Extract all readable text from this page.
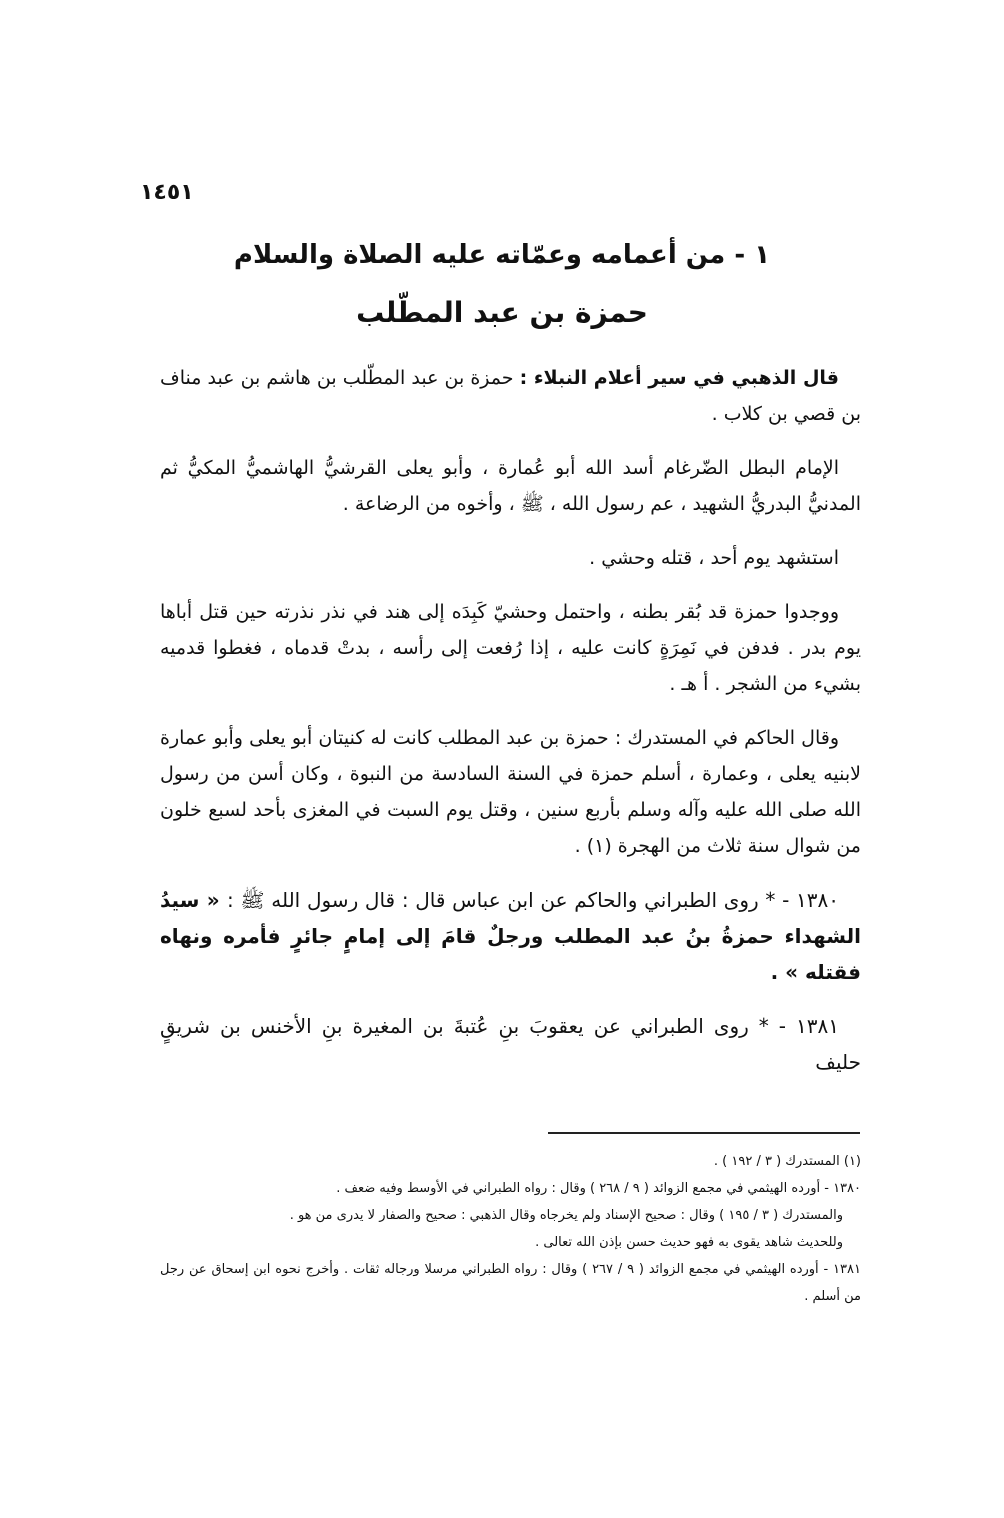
١٤٥١
١ - من أعمامه وعمّاته عليه الصلاة والسلام
حمزة بن عبد المطّلب

قال الذهبي في سير أعلام النبلاء : حمزة بن عبد المطّلب بن هاشم بن عبد مناف بن قصي بن كلاب .

الإمام البطل الضّرغام أسد الله أبو عُمارة ، وأبو يعلى القرشيُّ الهاشميُّ المكيُّ ثم المدنيُّ البدريُّ الشهيد ، عم رسول الله ، ﷺ ، وأخوه من الرضاعة .

استشهد يوم أحد ، قتله وحشي .

ووجدوا حمزة قد بُقر بطنه ، واحتمل وحشيّ كَبِدَه إلى هند في نذر نذرته حين قتل أباها يوم بدر . فدفن في نَمِرَةٍ كانت عليه ، إذا رُفعت إلى رأسه ، بدتْ قدماه ، فغطوا قدميه بشيء من الشجر . أ هـ .

وقال الحاكم في المستدرك : حمزة بن عبد المطلب كانت له كنيتان أبو يعلى وأبو عمارة لابنيه يعلى ، وعمارة ، أسلم حمزة في السنة السادسة من النبوة ، وكان أسن من رسول الله صلى الله عليه وآله وسلم بأربع سنين ، وقتل يوم السبت في المغزى بأحد لسبع خلون من شوال سنة ثلاث من الهجرة (١) .

١٣٨٠ - * روى الطبراني والحاكم عن ابن عباس قال : قال رسول الله ﷺ : « سيدُ الشهداء حمزةُ بنُ عبد المطلب ورجلٌ قامَ إلى إمامٍ جائرٍ فأمره ونهاه فقتله » .

١٣٨١ - * روى الطبراني عن يعقوبَ بنِ عُتبةَ بن المغيرة بنِ الأخنس بن شريقٍ حليف

(١) المستدرك ( ٣ / ١٩٢ ) .

١٣٨٠ - أورده الهيثمي في مجمع الزوائد ( ٩ / ٢٦٨ ) وقال : رواه الطبراني في الأوسط وفيه ضعف .

والمستدرك ( ٣ / ١٩٥ ) وقال : صحيح الإسناد ولم يخرجاه وقال الذهبي : صحيح والصفار لا يدرى من هو .

وللحديث شاهد يقوى به فهو حديث حسن بإذن الله تعالى .

١٣٨١ - أورده الهيثمي في مجمع الزوائد ( ٩ / ٢٦٧ ) وقال : رواه الطبراني مرسلا ورجاله ثقات . وأخرج نحوه ابن إسحاق عن رجل من أسلم .
